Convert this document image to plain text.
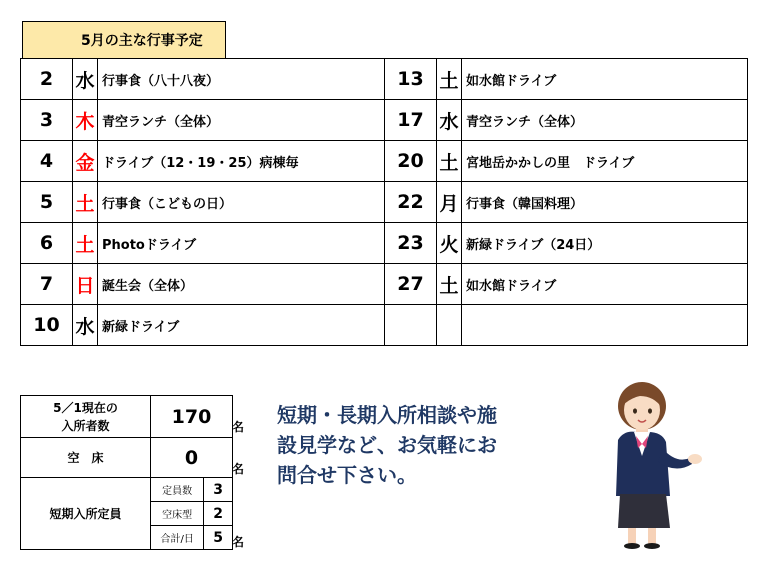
5月の主な行事予定
2	水	行事食（八十八夜）	13	土	如水館ドライブ
3	木	青空ランチ（全体）	17	水	青空ランチ（全体）
4	金	ドライブ（12・19・25）病棟毎	20	土	宮地岳かかしの里　ドライブ
5	土	行事食（こどもの日）	22	月	行事食（韓国料理）
6	土	Photoドライブ	23	火	新緑ドライブ（24日）
7	日	誕生会（全体）	27	土	如水館ドライブ
10	水	新緑ドライブ			
5／1現在の
入所者数	170	
空　床	0	
短期入所定員	定員数	3
	空床型	2
	合計/日	5
名
名
名
短期・長期入所相談や施
設見学など、お気軽にお
問合せ下さい。
